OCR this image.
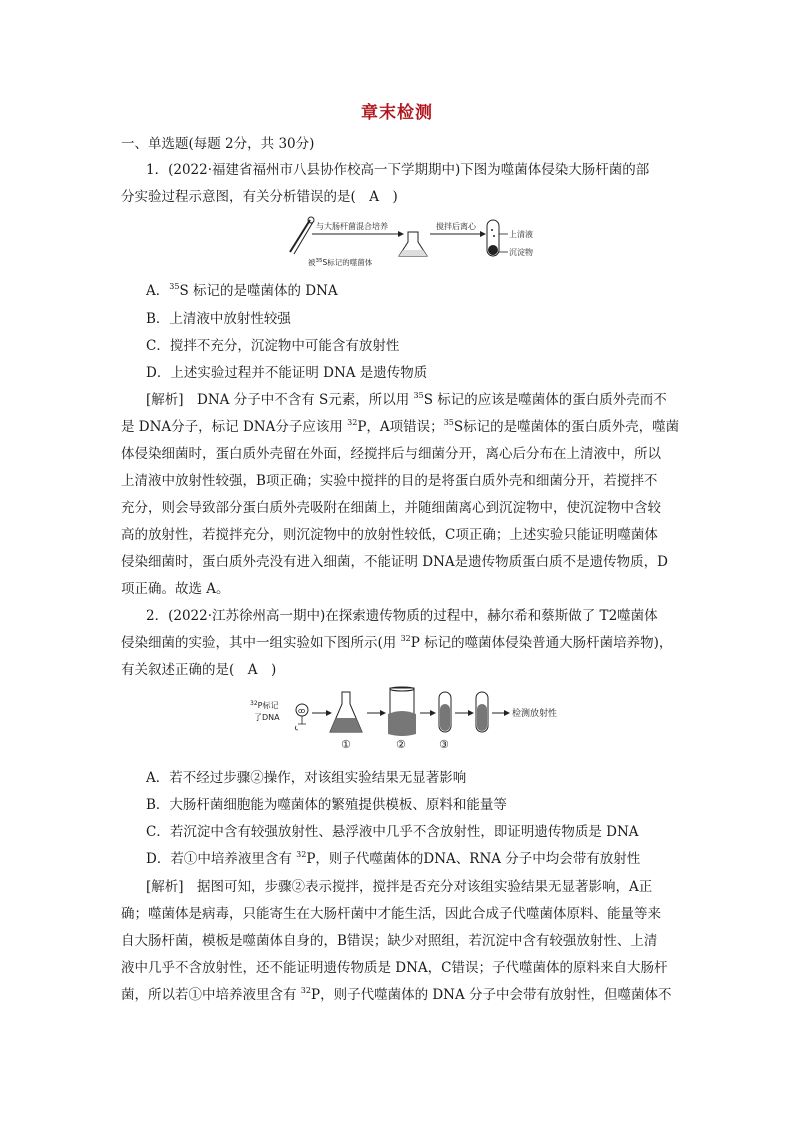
章末检测
一、单选题(每题 2分，共 30分)
1．(2022·福建省福州市八县协作校高一下学期期中)下图为噬菌体侵染大肠杆菌的部
分实验过程示意图，有关分析错误的是(　A　)
被$^{35}$S标记的噬菌体
与大肠杆菌混合培养	搅拌后离心
上清液
沉淀物
A．$^{35}$S 标记的是噬菌体的 DNA
B．上清液中放射性较强
C．搅拌不充分，沉淀物中可能含有放射性
D．上述实验过程并不能证明 DNA 是遗传物质
[解析]　DNA 分子中不含有 S元素，所以用 $^{35}$S 标记的应该是噬菌体的蛋白质外壳而不
是 DNA分子，标记 DNA分子应该用 $^{32}$P，A项错误；$^{35}$S标记的是噬菌体的蛋白质外壳，噬菌
体侵染细菌时，蛋白质外壳留在外面，经搅拌后与细菌分开，离心后分布在上清液中，所以
上清液中放射性较强，B项正确；实验中搅拌的目的是将蛋白质外壳和细菌分开，若搅拌不
充分，则会导致部分蛋白质外壳吸附在细菌上，并随细菌离心到沉淀物中，使沉淀物中含较
高的放射性，若搅拌充分，则沉淀物中的放射性较低，C项正确；上述实验只能证明噬菌体
侵染细菌时，蛋白质外壳没有进入细菌，不能证明 DNA是遗传物质蛋白质不是遗传物质，D
项正确。故选 A。
2．(2022·江苏徐州高一期中)在探索遗传物质的过程中，赫尔希和蔡斯做了 T2噬菌体
侵染细菌的实验，其中一组实验如下图所示(用 $^{32}$P 标记的噬菌体侵染普通大肠杆菌培养物)，
有关叙述正确的是(　A　)
$^{32}$P标记
了DNA
ꝏ
①	②	③
检测放射性
A．若不经过步骤②操作，对该组实验结果无显著影响
B．大肠杆菌细胞能为噬菌体的繁殖提供模板、原料和能量等
C．若沉淀中含有较强放射性、悬浮液中几乎不含放射性，即证明遗传物质是 DNA
D．若①中培养液里含有 $^{32}$P，则子代噬菌体的DNA、RNA 分子中均会带有放射性
[解析]　据图可知，步骤②表示搅拌，搅拌是否充分对该组实验结果无显著影响，A正
确；噬菌体是病毒，只能寄生在大肠杆菌中才能生活，因此合成子代噬菌体原料、能量等来
自大肠杆菌，模板是噬菌体自身的，B错误；缺少对照组，若沉淀中含有较强放射性、上清
液中几乎不含放射性，还不能证明遗传物质是 DNA，C错误；子代噬菌体的原料来自大肠杆
菌，所以若①中培养液里含有 $^{32}$P，则子代噬菌体的 DNA 分子中会带有放射性，但噬菌体不
